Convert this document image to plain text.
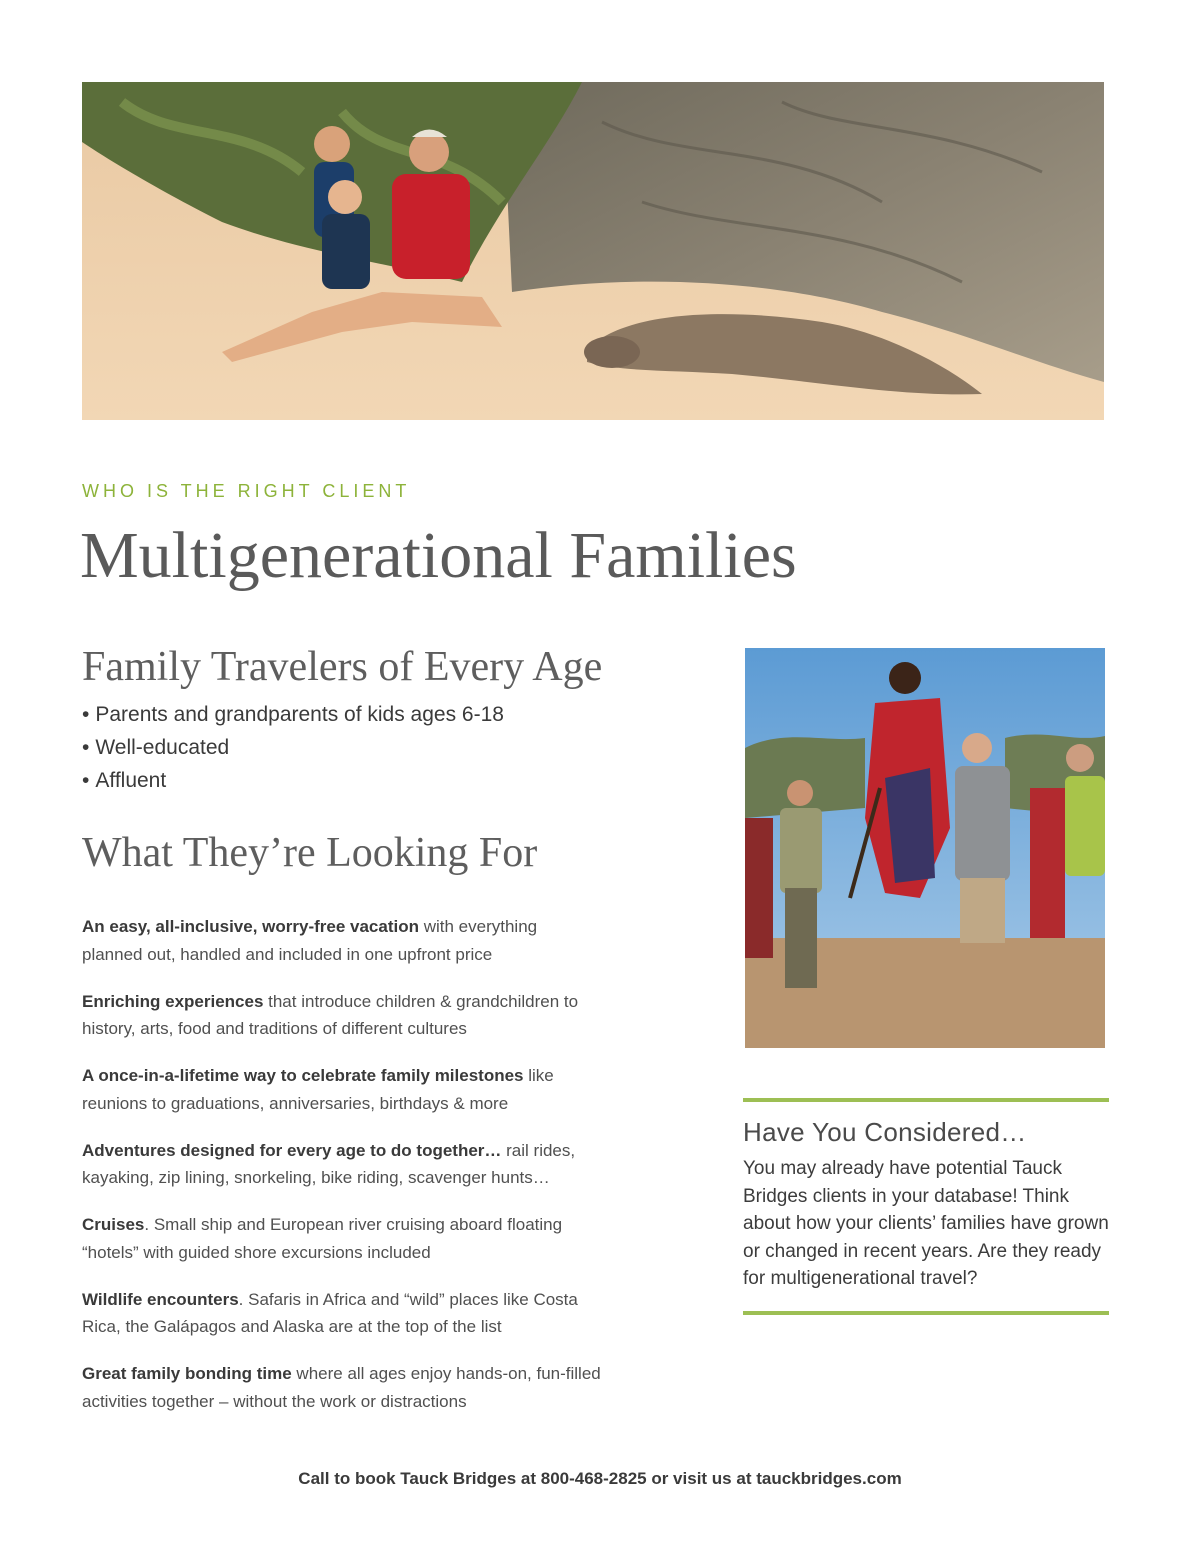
WHO IS THE RIGHT CLIENT
Multigenerational Families
Family Travelers of Every Age
• Parents and grandparents of kids ages 6-18
• Well-educated
• Affluent
What They’re Looking For

An easy, all-inclusive, worry-free vacation with everything planned out, handled and included in one upfront price

Enriching experiences that introduce children & grandchildren to history, arts, food and traditions of different cultures

A once-in-a-lifetime way to celebrate family milestones like reunions to graduations, anniversaries, birthdays & more

Adventures designed for every age to do together… rail rides, kayaking, zip lining, snorkeling, bike riding, scavenger hunts…

Cruises. Small ship and European river cruising aboard floating “hotels” with guided shore excursions included

Wildlife encounters. Safaris in Africa and “wild” places like Costa Rica, the Galápagos and Alaska are at the top of the list

Great family bonding time where all ages enjoy hands-on, fun-filled activities together – without the work or distractions

Have You Considered…

You may already have potential Tauck Bridges clients in your database! Think about how your clients’ families have grown or changed in recent years. Are they ready for multigenerational travel?

Call to book Tauck Bridges at 800-468-2825 or visit us at tauckbridges.com
